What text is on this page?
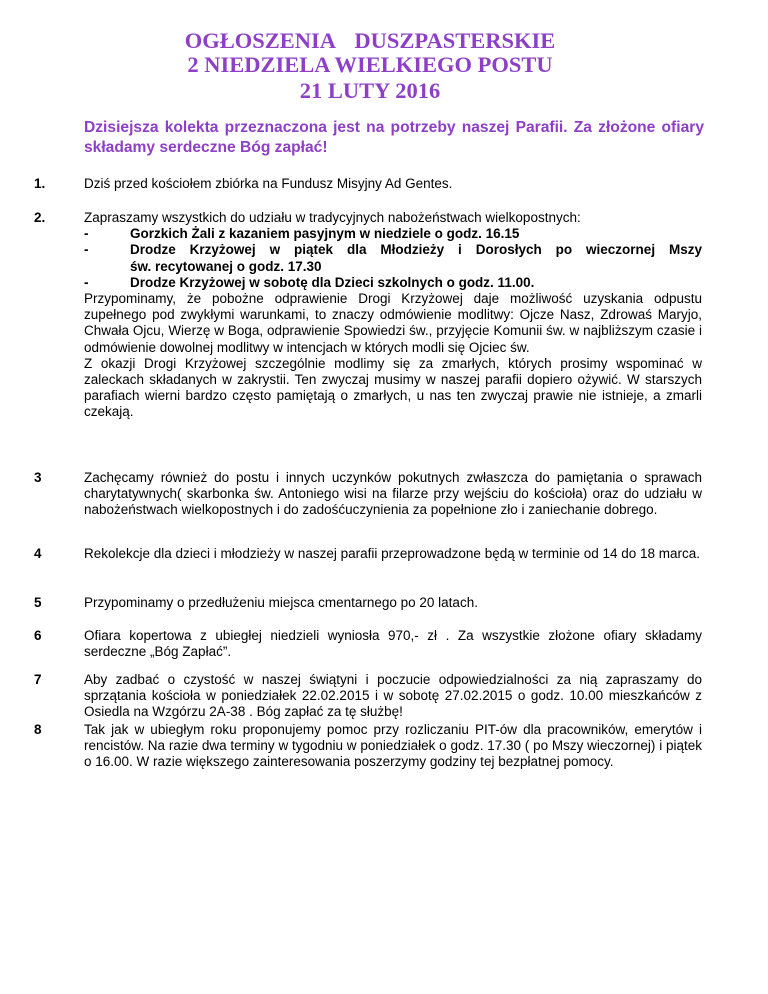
OGŁOSZENIA DUSZPASTERSKIE
2 NIEDZIELA WIELKIEGO POSTU
21 LUTY 2016
Dzisiejsza kolekta przeznaczona jest na potrzeby naszej Parafii. Za złożone ofiary składamy serdeczne Bóg zapłać!
1.	Dziś przed kościołem zbiórka na Fundusz Misyjny Ad Gentes.
2.	Zapraszamy wszystkich do udziału w tradycyjnych nabożeństwach wielkopostnych:

-	Gorzkich Żali z kazaniem pasyjnym w niedziele o godz. 16.15
-	Drodze Krzyżowej w piątek dla Młodzieży i Dorosłych po wieczornej Mszy
św. recytowanej o godz. 17.30
-	Drodze Krzyżowej w sobotę dla Dzieci szkolnych o godz. 11.00.

Przypominamy, że pobożne odprawienie Drogi Krzyżowej daje możliwość uzyskania odpustu zupełnego pod zwykłymi warunkami, to znaczy odmówienie modlitwy: Ojcze Nasz, Zdrowaś Maryjo, Chwała Ojcu, Wierzę w Boga, odprawienie Spowiedzi św., przyjęcie Komunii św. w najbliższym czasie i odmówienie dowolnej modlitwy w intencjach w których modli się Ojciec św.

Z okazji Drogi Krzyżowej szczególnie modlimy się za zmarłych, których prosimy wspominać w zaleckach składanych w zakrystii. Ten zwyczaj musimy w naszej parafii dopiero ożywić. W starszych parafiach wierni bardzo często pamiętają o zmarłych, u nas ten zwyczaj prawie nie istnieje, a zmarli czekają.

3	Zachęcamy również do postu i innych uczynków pokutnych zwłaszcza do pamiętania o sprawach charytatywnych( skarbonka św. Antoniego wisi na filarze przy wejściu do kościoła) oraz do udziału w nabożeństwach wielkopostnych i do zadośćuczynienia za popełnione zło i zaniechanie dobrego.
4	Rekolekcje dla dzieci i młodzieży w naszej parafii przeprowadzone będą w terminie od 14 do 18 marca.
5	Przypominamy o przedłużeniu miejsca cmentarnego po 20 latach.
6	Ofiara kopertowa z ubiegłej niedzieli wyniosła 970,- zł . Za wszystkie złożone ofiary składamy serdeczne „Bóg Zapłać”.
7	Aby zadbać o czystość w naszej świątyni i poczucie odpowiedzialności za nią zapraszamy do sprzątania kościoła w poniedziałek 22.02.2015 i w sobotę 27.02.2015 o godz. 10.00 mieszkańców z Osiedla na Wzgórzu 2A-38 . Bóg zapłać za tę służbę!
8	Tak jak w ubiegłym roku proponujemy pomoc przy rozliczaniu PIT-ów dla pracowników, emerytów i rencistów. Na razie dwa terminy w tygodniu w poniedziałek o godz. 17.30 ( po Mszy wieczornej) i piątek o 16.00. W razie większego zainteresowania poszerzymy godziny tej bezpłatnej pomocy.
